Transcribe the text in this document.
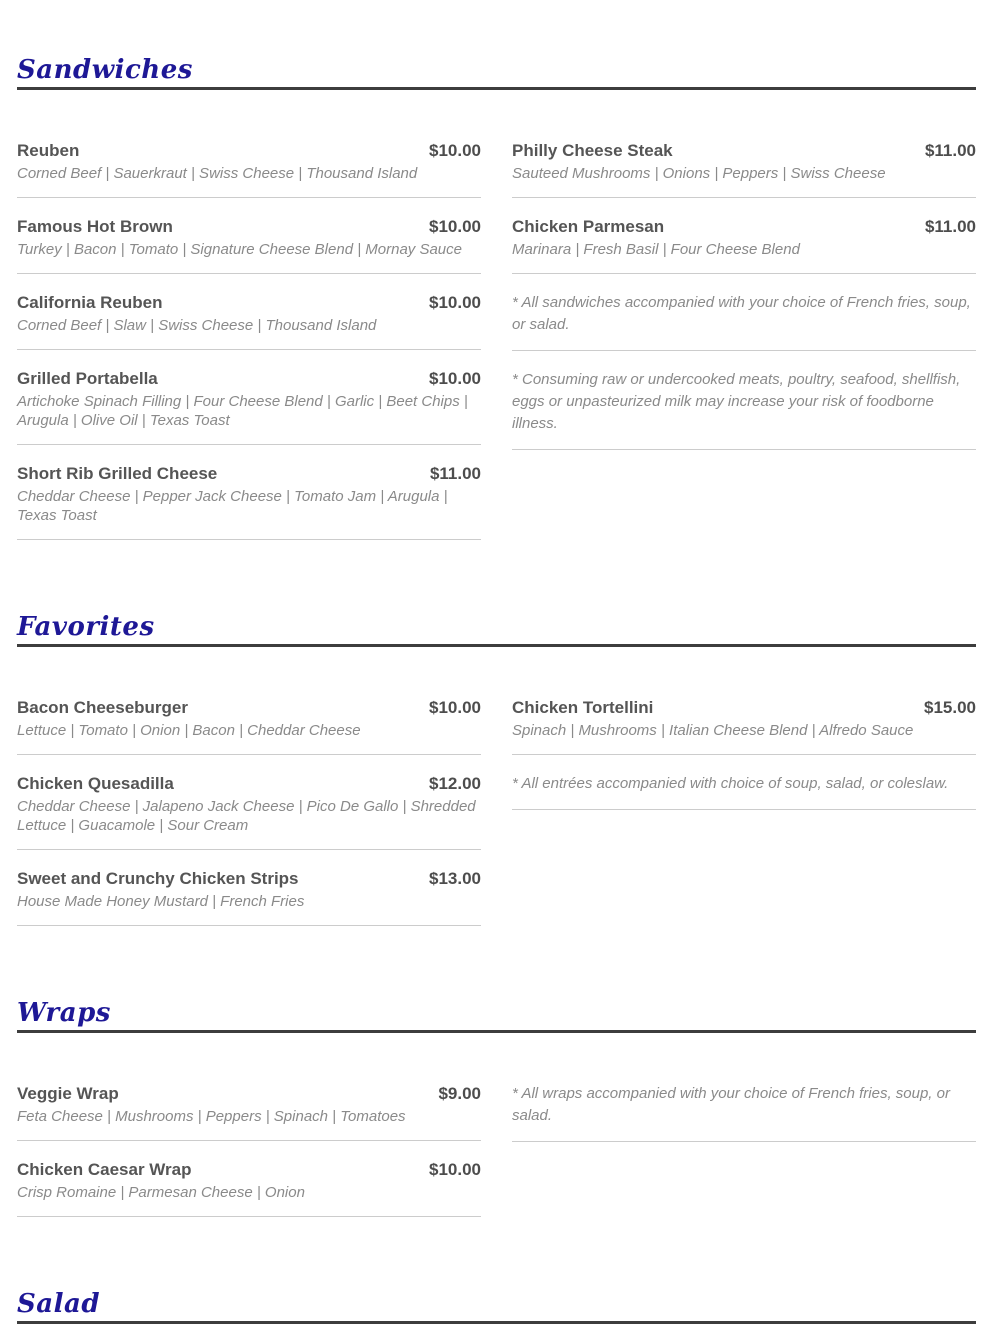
Sandwiches
Reuben	$10.00
Corned Beef | Sauerkraut | Swiss Cheese | Thousand Island
Famous Hot Brown	$10.00
Turkey | Bacon | Tomato | Signature Cheese Blend | Mornay Sauce
California Reuben	$10.00
Corned Beef | Slaw | Swiss Cheese | Thousand Island
Grilled Portabella	$10.00
Artichoke Spinach Filling | Four Cheese Blend | Garlic | Beet Chips | Arugula | Olive Oil | Texas Toast
Short Rib Grilled Cheese	$11.00
Cheddar Cheese | Pepper Jack Cheese | Tomato Jam | Arugula | Texas Toast
Philly Cheese Steak	$11.00
Sauteed Mushrooms | Onions | Peppers | Swiss Cheese
Chicken Parmesan	$11.00
Marinara | Fresh Basil | Four Cheese Blend
* All sandwiches accompanied with your choice of French fries, soup, or salad.
* Consuming raw or undercooked meats, poultry, seafood, shellfish, eggs or unpasteurized milk may increase your risk of foodborne illness.
Favorites
Bacon Cheeseburger	$10.00
Lettuce | Tomato | Onion | Bacon | Cheddar Cheese
Chicken Quesadilla	$12.00
Cheddar Cheese | Jalapeno Jack Cheese | Pico De Gallo | Shredded Lettuce | Guacamole | Sour Cream
Sweet and Crunchy Chicken Strips	$13.00
House Made Honey Mustard | French Fries
Chicken Tortellini	$15.00
Spinach | Mushrooms | Italian Cheese Blend | Alfredo Sauce
* All entrées accompanied with choice of soup, salad, or coleslaw.
Wraps
Veggie Wrap	$9.00
Feta Cheese | Mushrooms | Peppers | Spinach | Tomatoes
Chicken Caesar Wrap	$10.00
Crisp Romaine | Parmesan Cheese | Onion
* All wraps accompanied with your choice of French fries, soup, or salad.
Salad
